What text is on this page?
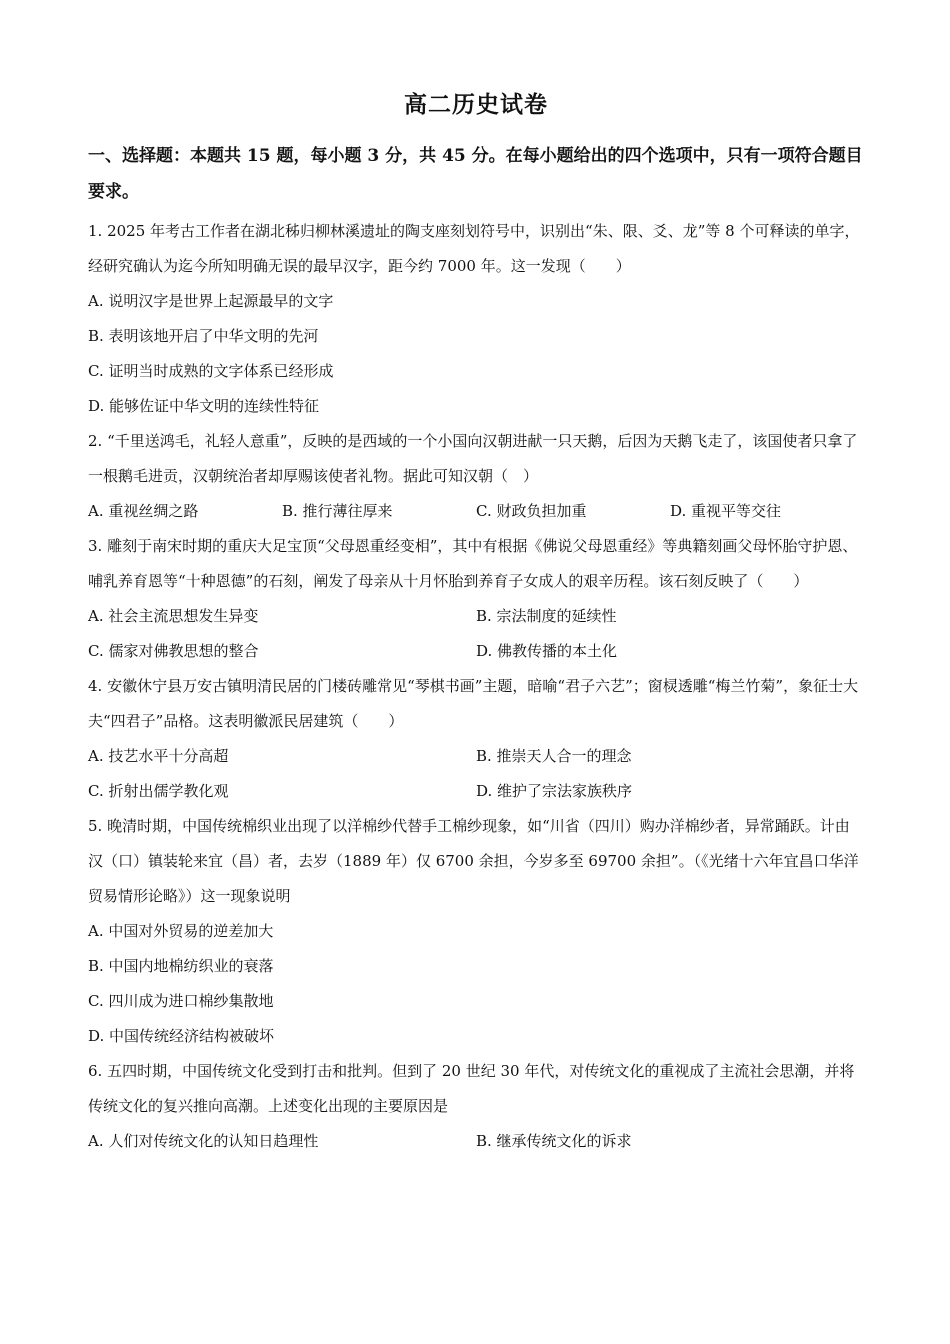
高二历史试卷
一、选择题：本题共 15 题，每小题 3 分，共 45 分。在每小题给出的四个选项中，只有一项符合题目要求。

1. 2025 年考古工作者在湖北秭归柳林溪遗址的陶支座刻划符号中，识别出“朱、限、爻、龙”等 8 个可释读的单字，经研究确认为迄今所知明确无误的最早汉字，距今约 7000 年。这一发现（　　）

A. 说明汉字是世界上起源最早的文字

B. 表明该地开启了中华文明的先河

C. 证明当时成熟的文字体系已经形成

D. 能够佐证中华文明的连续性特征

2. “千里送鸿毛，礼轻人意重”，反映的是西域的一个小国向汉朝进献一只天鹅，后因为天鹅飞走了，该国使者只拿了一根鹅毛进贡，汉朝统治者却厚赐该使者礼物。据此可知汉朝（　）

A. 重视丝绸之路	B. 推行薄往厚来	C. 财政负担加重	D. 重视平等交往

3. 雕刻于南宋时期的重庆大足宝顶“父母恩重经变相”，其中有根据《佛说父母恩重经》等典籍刻画父母怀胎守护恩、哺乳养育恩等“十种恩德”的石刻，阐发了母亲从十月怀胎到养育子女成人的艰辛历程。该石刻反映了（　　）

A. 社会主流思想发生异变	B. 宗法制度的延续性
C. 儒家对佛教思想的整合	D. 佛教传播的本土化

4. 安徽休宁县万安古镇明清民居的门楼砖雕常见“琴棋书画”主题，暗喻“君子六艺”；窗棂透雕“梅兰竹菊”，象征士大夫“四君子”品格。这表明徽派民居建筑（　　）

A. 技艺水平十分高超	B. 推崇天人合一的理念
C. 折射出儒学教化观	D. 维护了宗法家族秩序

5. 晚清时期，中国传统棉织业出现了以洋棉纱代替手工棉纱现象，如“川省（四川）购办洋棉纱者，异常踊跃。计由汉（口）镇装轮来宜（昌）者，去岁（1889 年）仅 6700 余担，今岁多至 69700 余担”。（《光绪十六年宜昌口华洋贸易情形论略》）这一现象说明

A. 中国对外贸易的逆差加大

B. 中国内地棉纺织业的衰落

C. 四川成为进口棉纱集散地

D. 中国传统经济结构被破坏

6. 五四时期，中国传统文化受到打击和批判。但到了 20 世纪 30 年代，对传统文化的重视成了主流社会思潮，并将传统文化的复兴推向高潮。上述变化出现的主要原因是

A. 人们对传统文化的认知日趋理性	B. 继承传统文化的诉求
